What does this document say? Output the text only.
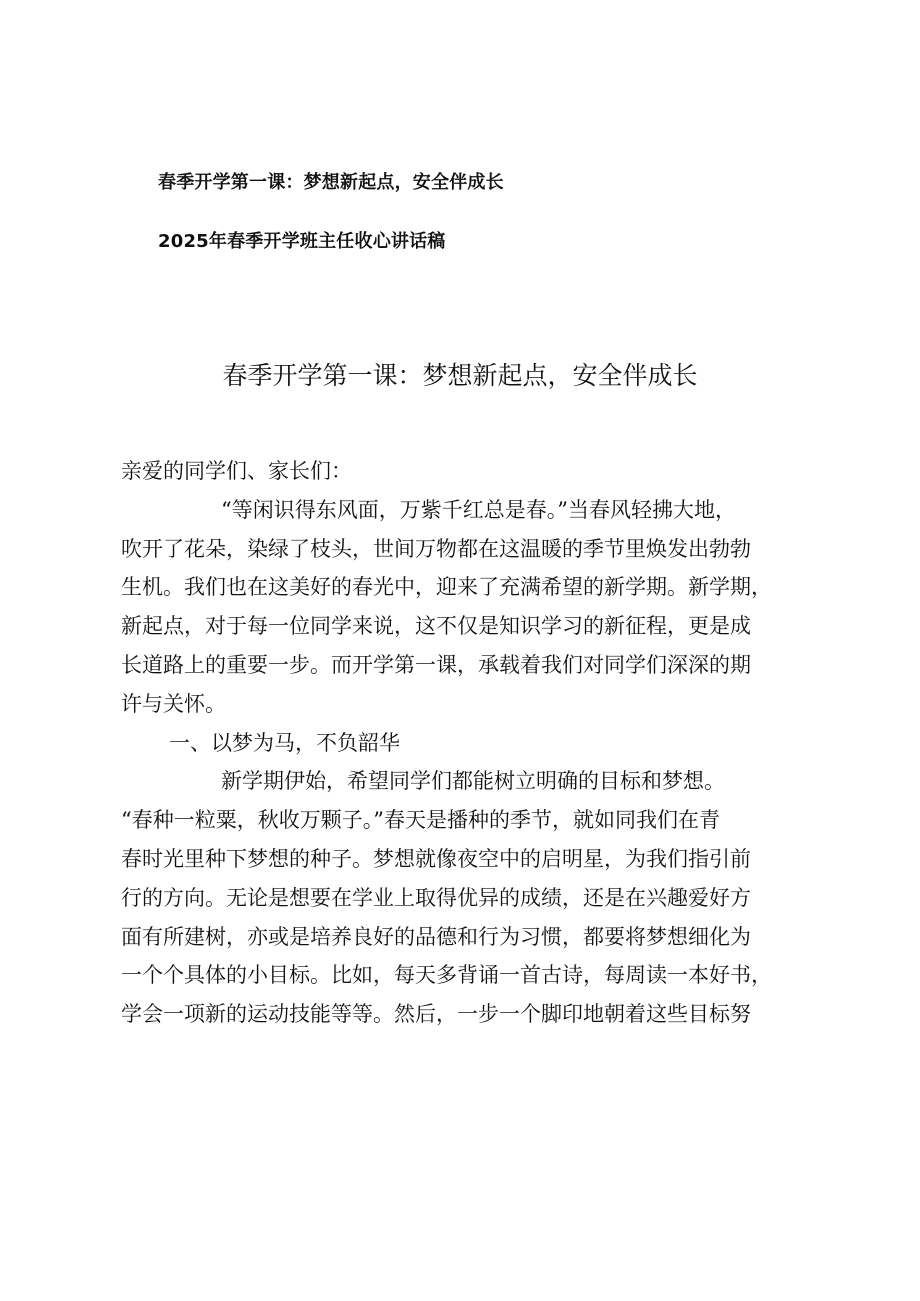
春季开学第一课：梦想新起点，安全伴成长
2025年春季开学班主任收心讲话稿
春季开学第一课：梦想新起点，安全伴成长
亲爱的同学们、家长们：
“等闲识得东风面，万紫千红总是春。”当春风轻拂大地，
吹开了花朵，染绿了枝头，世间万物都在这温暖的季节里焕发出勃勃
生机。我们也在这美好的春光中，迎来了充满希望的新学期。新学期，
新起点，对于每一位同学来说，这不仅是知识学习的新征程，更是成
长道路上的重要一步。而开学第一课，承载着我们对同学们深深的期
许与关怀。
一、以梦为马，不负韶华
新学期伊始，希望同学们都能树立明确的目标和梦想。
“春种一粒粟，秋收万颗子。”春天是播种的季节，就如同我们在青
春时光里种下梦想的种子。梦想就像夜空中的启明星，为我们指引前
行的方向。无论是想要在学业上取得优异的成绩，还是在兴趣爱好方
面有所建树，亦或是培养良好的品德和行为习惯，都要将梦想细化为
一个个具体的小目标。比如，每天多背诵一首古诗，每周读一本好书，
学会一项新的运动技能等等。然后，一步一个脚印地朝着这些目标努
